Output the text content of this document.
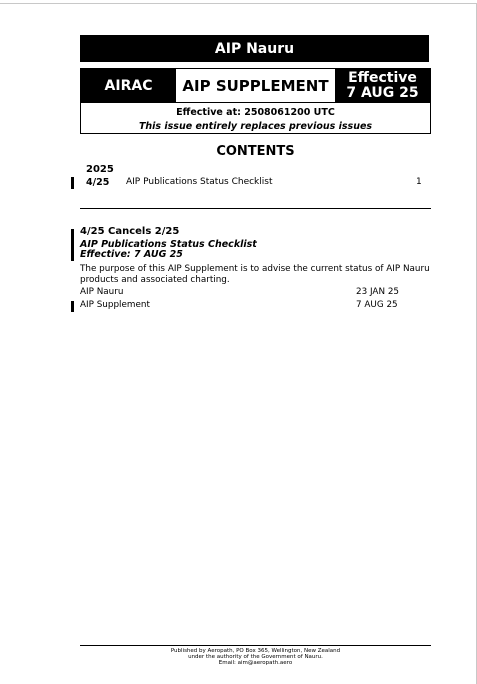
AIP Nauru
AIRAC	AIP SUPPLEMENT	Effective
7 AUG 25
Effective at: 2508061200 UTC
This issue entirely replaces previous issues
CONTENTS
2025
4/25 AIP Publications Status Checklist	1
4/25 Cancels 2/25
AIP Publications Status Checklist
Effective: 7 AUG 25
The purpose of this AIP Supplement is to advise the current status of AIP Nauru products and associated charting.
AIP Nauru	23 JAN 25
AIP Supplement	7 AUG 25
Published by Aeropath, PO Box 365, Wellington, New Zealand
under the authority of the Government of Nauru.
Email: aim@aeropath.aero
